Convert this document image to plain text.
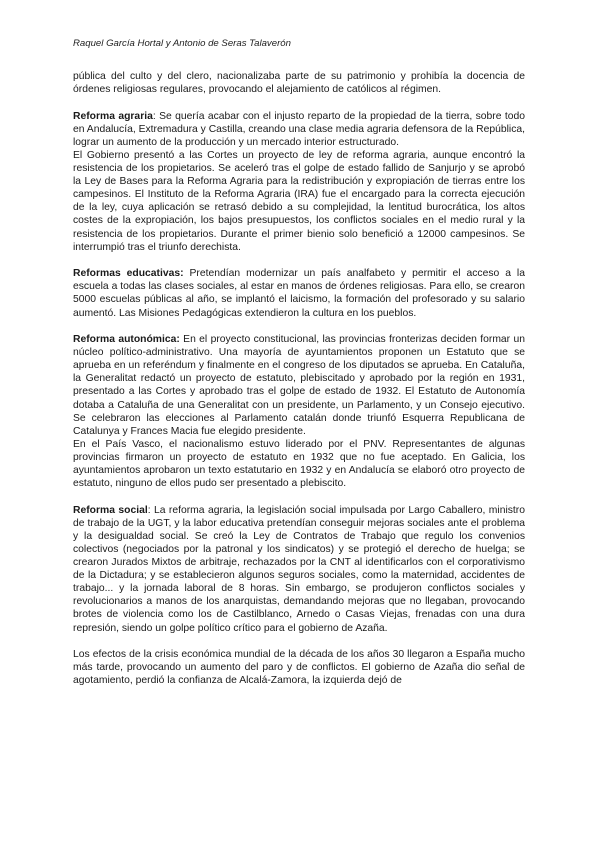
Raquel García Hortal y Antonio de Seras Talaverón

pública del culto y del clero, nacionalizaba parte de su patrimonio y prohibía la docencia de órdenes religiosas regulares, provocando el alejamiento de católicos al régimen.

Reforma agraria: Se quería acabar con el injusto reparto de la propiedad de la tierra, sobre todo en Andalucía, Extremadura y Castilla, creando una clase media agraria defensora de la República, lograr un aumento de la producción y un mercado interior estructurado.

El Gobierno presentó a las Cortes un proyecto de ley de reforma agraria, aunque encontró la resistencia de los propietarios. Se aceleró tras el golpe de estado fallido de Sanjurjo y se aprobó la Ley de Bases para la Reforma Agraria para la redistribución y expropiación de tierras entre los campesinos. El Instituto de la Reforma Agraria (IRA) fue el encargado para la correcta ejecución de la ley, cuya aplicación se retrasó debido a su complejidad, la lentitud burocrática, los altos costes de la expropiación, los bajos presupuestos, los conflictos sociales en el medio rural y la resistencia de los propietarios. Durante el primer bienio solo benefició a 12000 campesinos. Se interrumpió tras el triunfo derechista.

Reformas educativas: Pretendían modernizar un país analfabeto y permitir el acceso a la escuela a todas las clases sociales, al estar en manos de órdenes religiosas. Para ello, se crearon 5000 escuelas públicas al año, se implantó el laicismo, la formación del profesorado y su salario aumentó. Las Misiones Pedagógicas extendieron la cultura en los pueblos.

Reforma autonómica: En el proyecto constitucional, las provincias fronterizas deciden formar un núcleo político-administrativo. Una mayoría de ayuntamientos proponen un Estatuto que se aprueba en un referéndum y finalmente en el congreso de los diputados se aprueba. En Cataluña, la Generalitat redactó un proyecto de estatuto, plebiscitado y aprobado por la región en 1931, presentado a las Cortes y aprobado tras el golpe de estado de 1932. El Estatuto de Autonomía dotaba a Cataluña de una Generalitat con un presidente, un Parlamento, y un Consejo ejecutivo. Se celebraron las elecciones al Parlamento catalán donde triunfó Esquerra Republicana de Catalunya y Frances Macia fue elegido presidente.

En el País Vasco, el nacionalismo estuvo liderado por el PNV. Representantes de algunas provincias firmaron un proyecto de estatuto en 1932 que no fue aceptado. En Galicia, los ayuntamientos aprobaron un texto estatutario en 1932 y en Andalucía se elaboró otro proyecto de estatuto, ninguno de ellos pudo ser presentado a plebiscito.

Reforma social: La reforma agraria, la legislación social impulsada por Largo Caballero, ministro de trabajo de la UGT, y la labor educativa pretendían conseguir mejoras sociales ante el problema y la desigualdad social. Se creó la Ley de Contratos de Trabajo que regulo los convenios colectivos (negociados por la patronal y los sindicatos) y se protegió el derecho de huelga; se crearon Jurados Mixtos de arbitraje, rechazados por la CNT al identificarlos con el corporativismo de la Dictadura; y se establecieron algunos seguros sociales, como la maternidad, accidentes de trabajo... y la jornada laboral de 8 horas. Sin embargo, se produjeron conflictos sociales y revolucionarios a manos de los anarquistas, demandando mejoras que no llegaban, provocando brotes de violencia como los de Castilblanco, Arnedo o Casas Viejas, frenadas con una dura represión, siendo un golpe político crítico para el gobierno de Azaña.

Los efectos de la crisis económica mundial de la década de los años 30 llegaron a España mucho más tarde, provocando un aumento del paro y de conflictos. El gobierno de Azaña dio señal de agotamiento, perdió la confianza de Alcalá-Zamora, la izquierda dejó de
